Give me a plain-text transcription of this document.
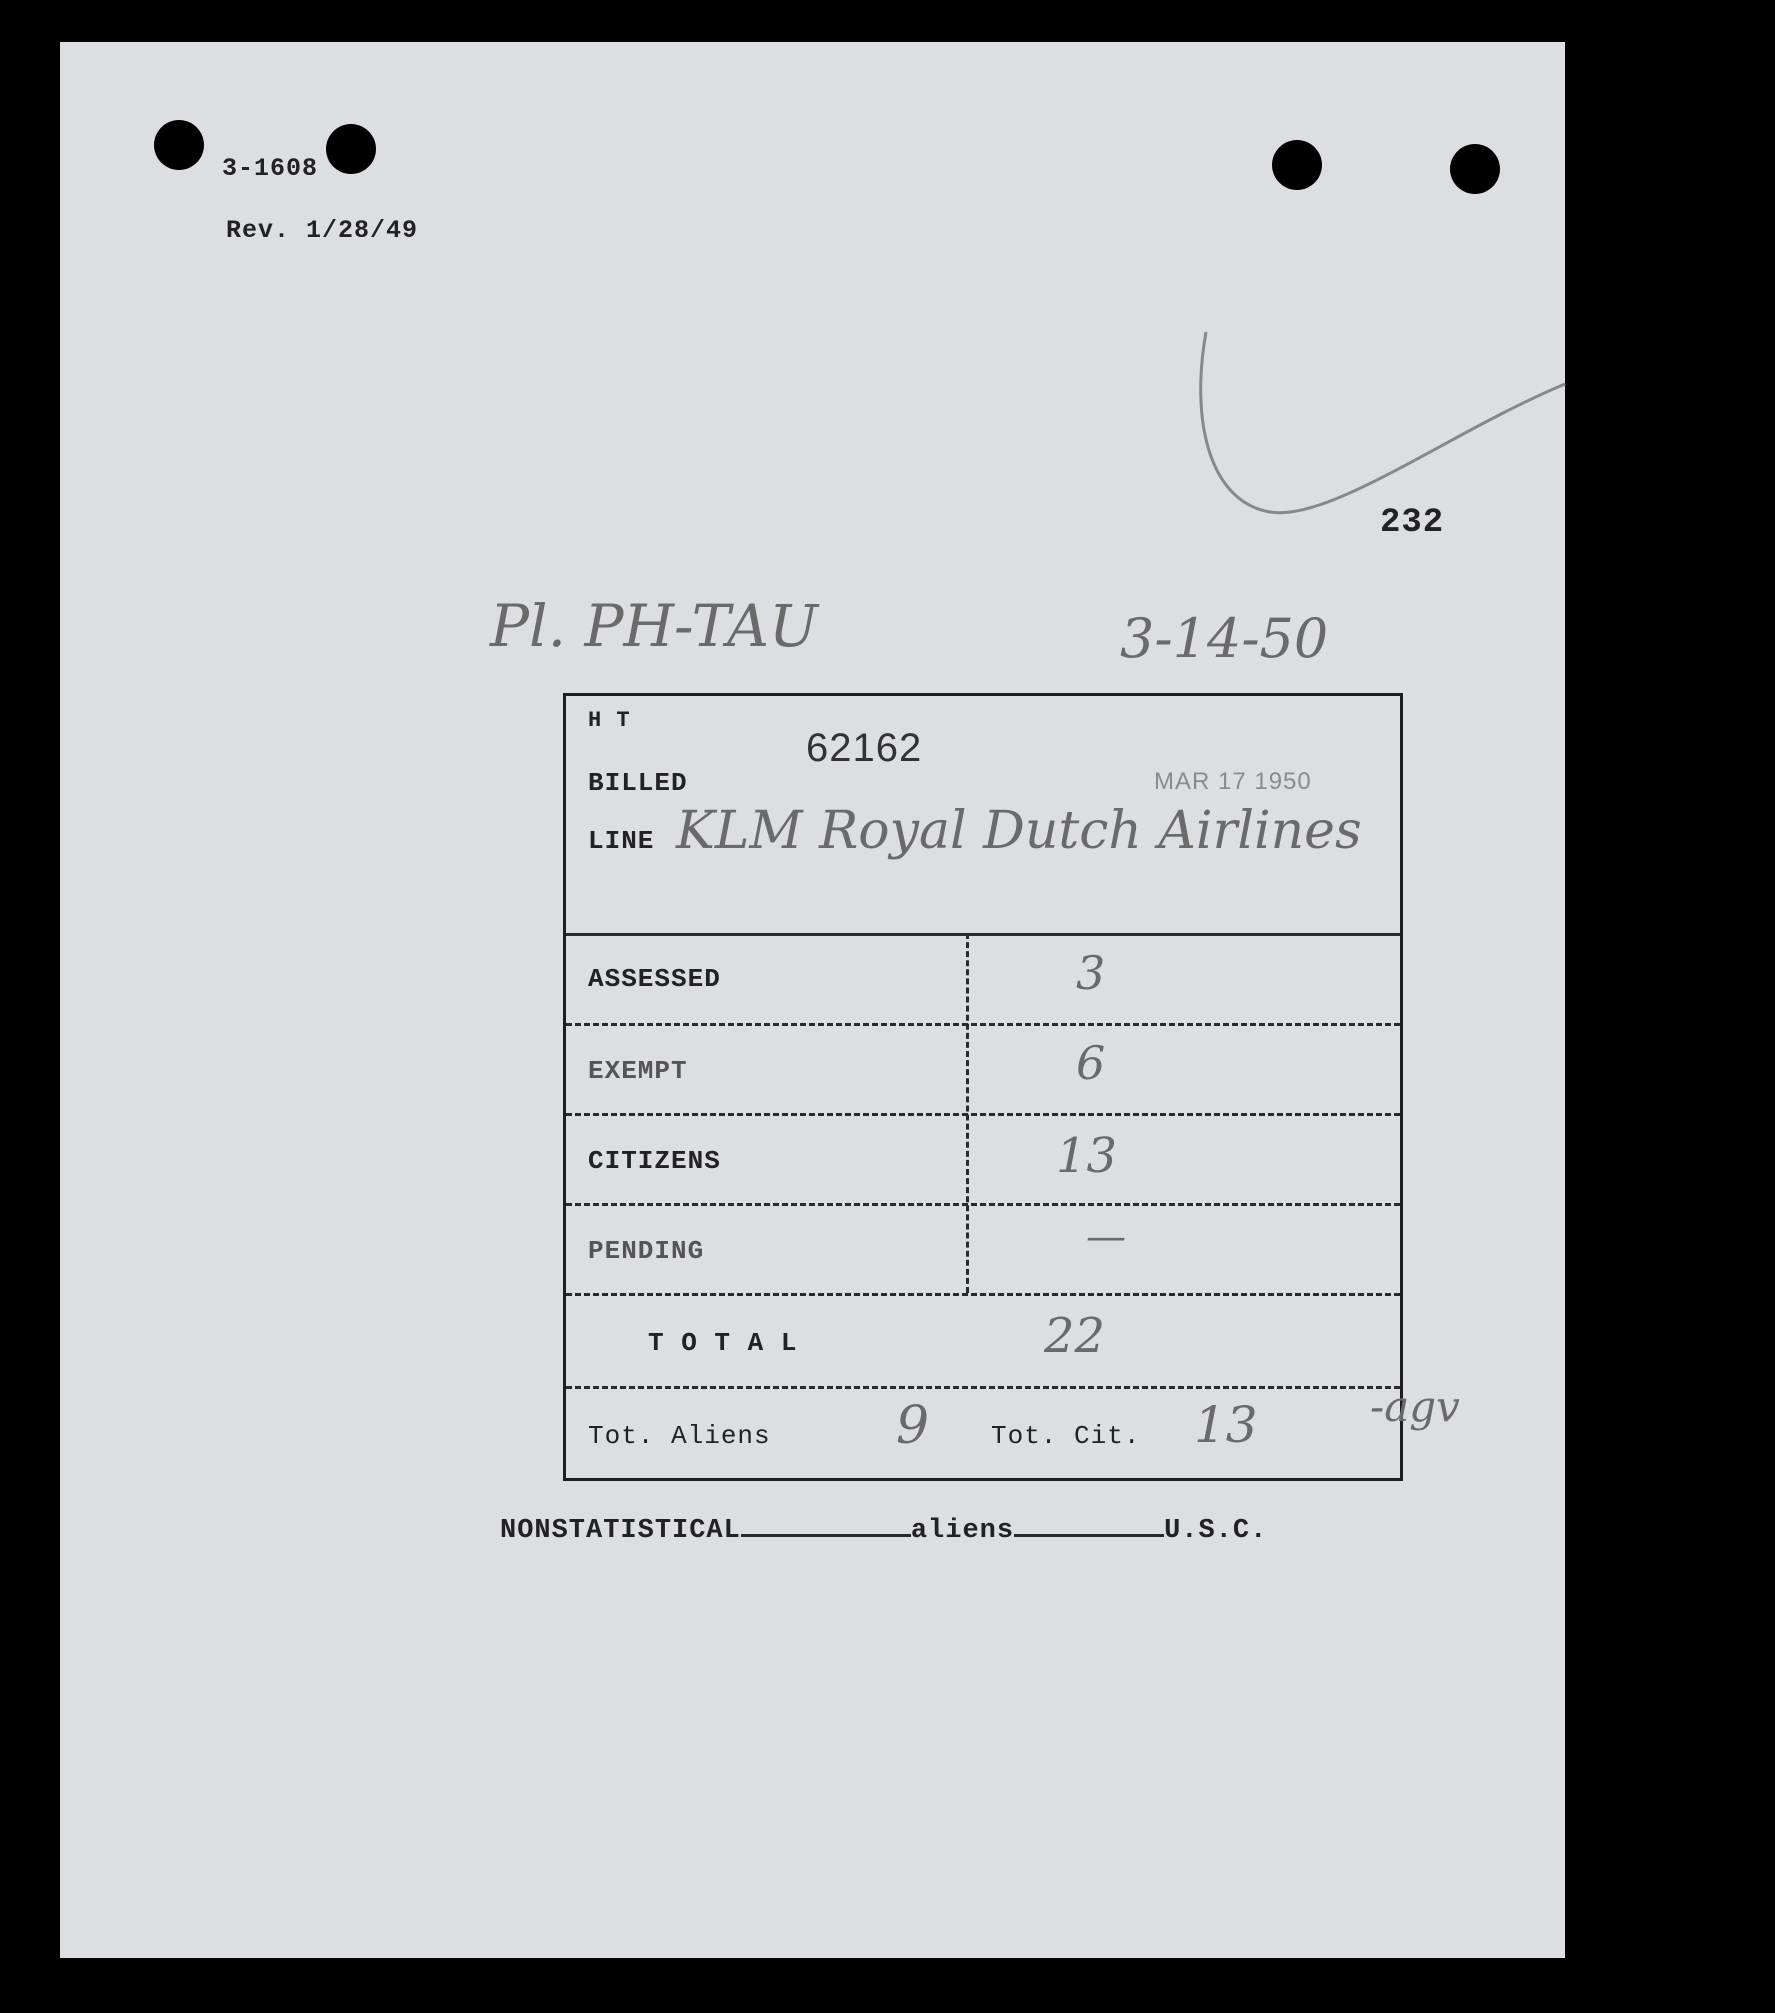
3-1608
Rev. 1/28/49
232
Pl. PH-TAU	3-14-50
H T
62162
BILLED	MAR 17 1950
LINE KLM Royal Dutch Airlines
ASSESSED	3
EXEMPT	6
CITIZENS	13
PENDING	—
T O T A L	22
Tot. Aliens 9 Tot. Cit. 13	-agv
NONSTATISTICAL	aliens	U.S.C.
